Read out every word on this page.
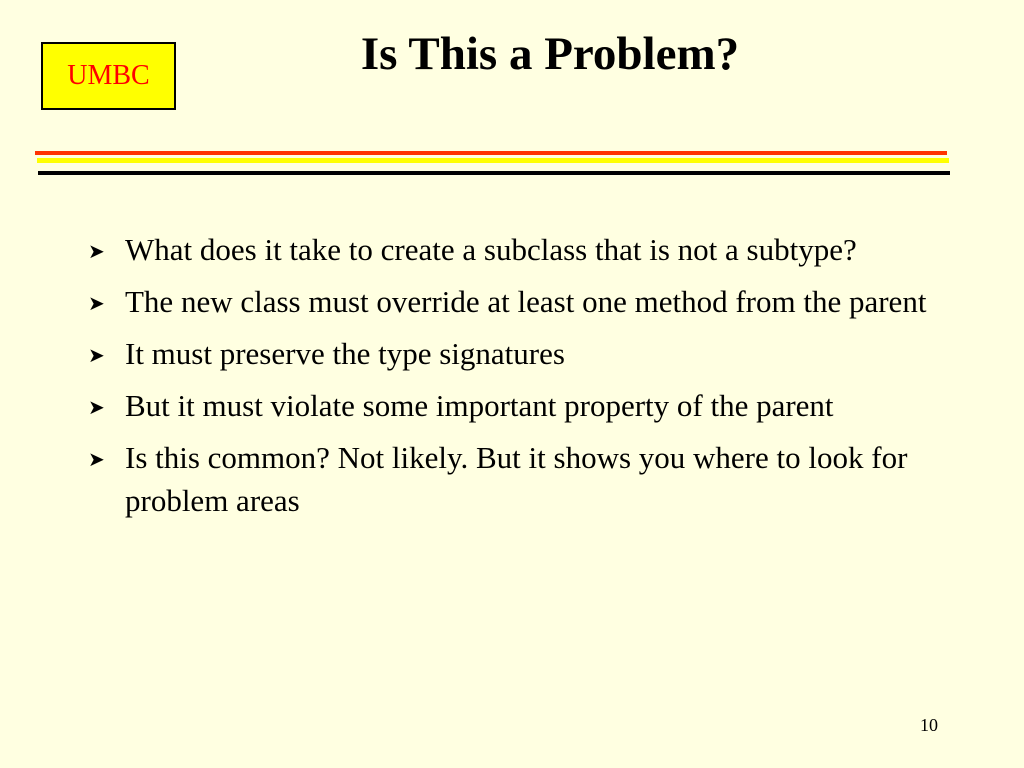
UMBC	Is This a Problem?
➤ What does it take to create a subclass that is not a subtype?
➤ The new class must override at least one method from the parent
➤ It must preserve the type signatures
➤ But it must violate some important property of the parent
➤ Is this common? Not likely. But it shows you where to look for problem areas
10
